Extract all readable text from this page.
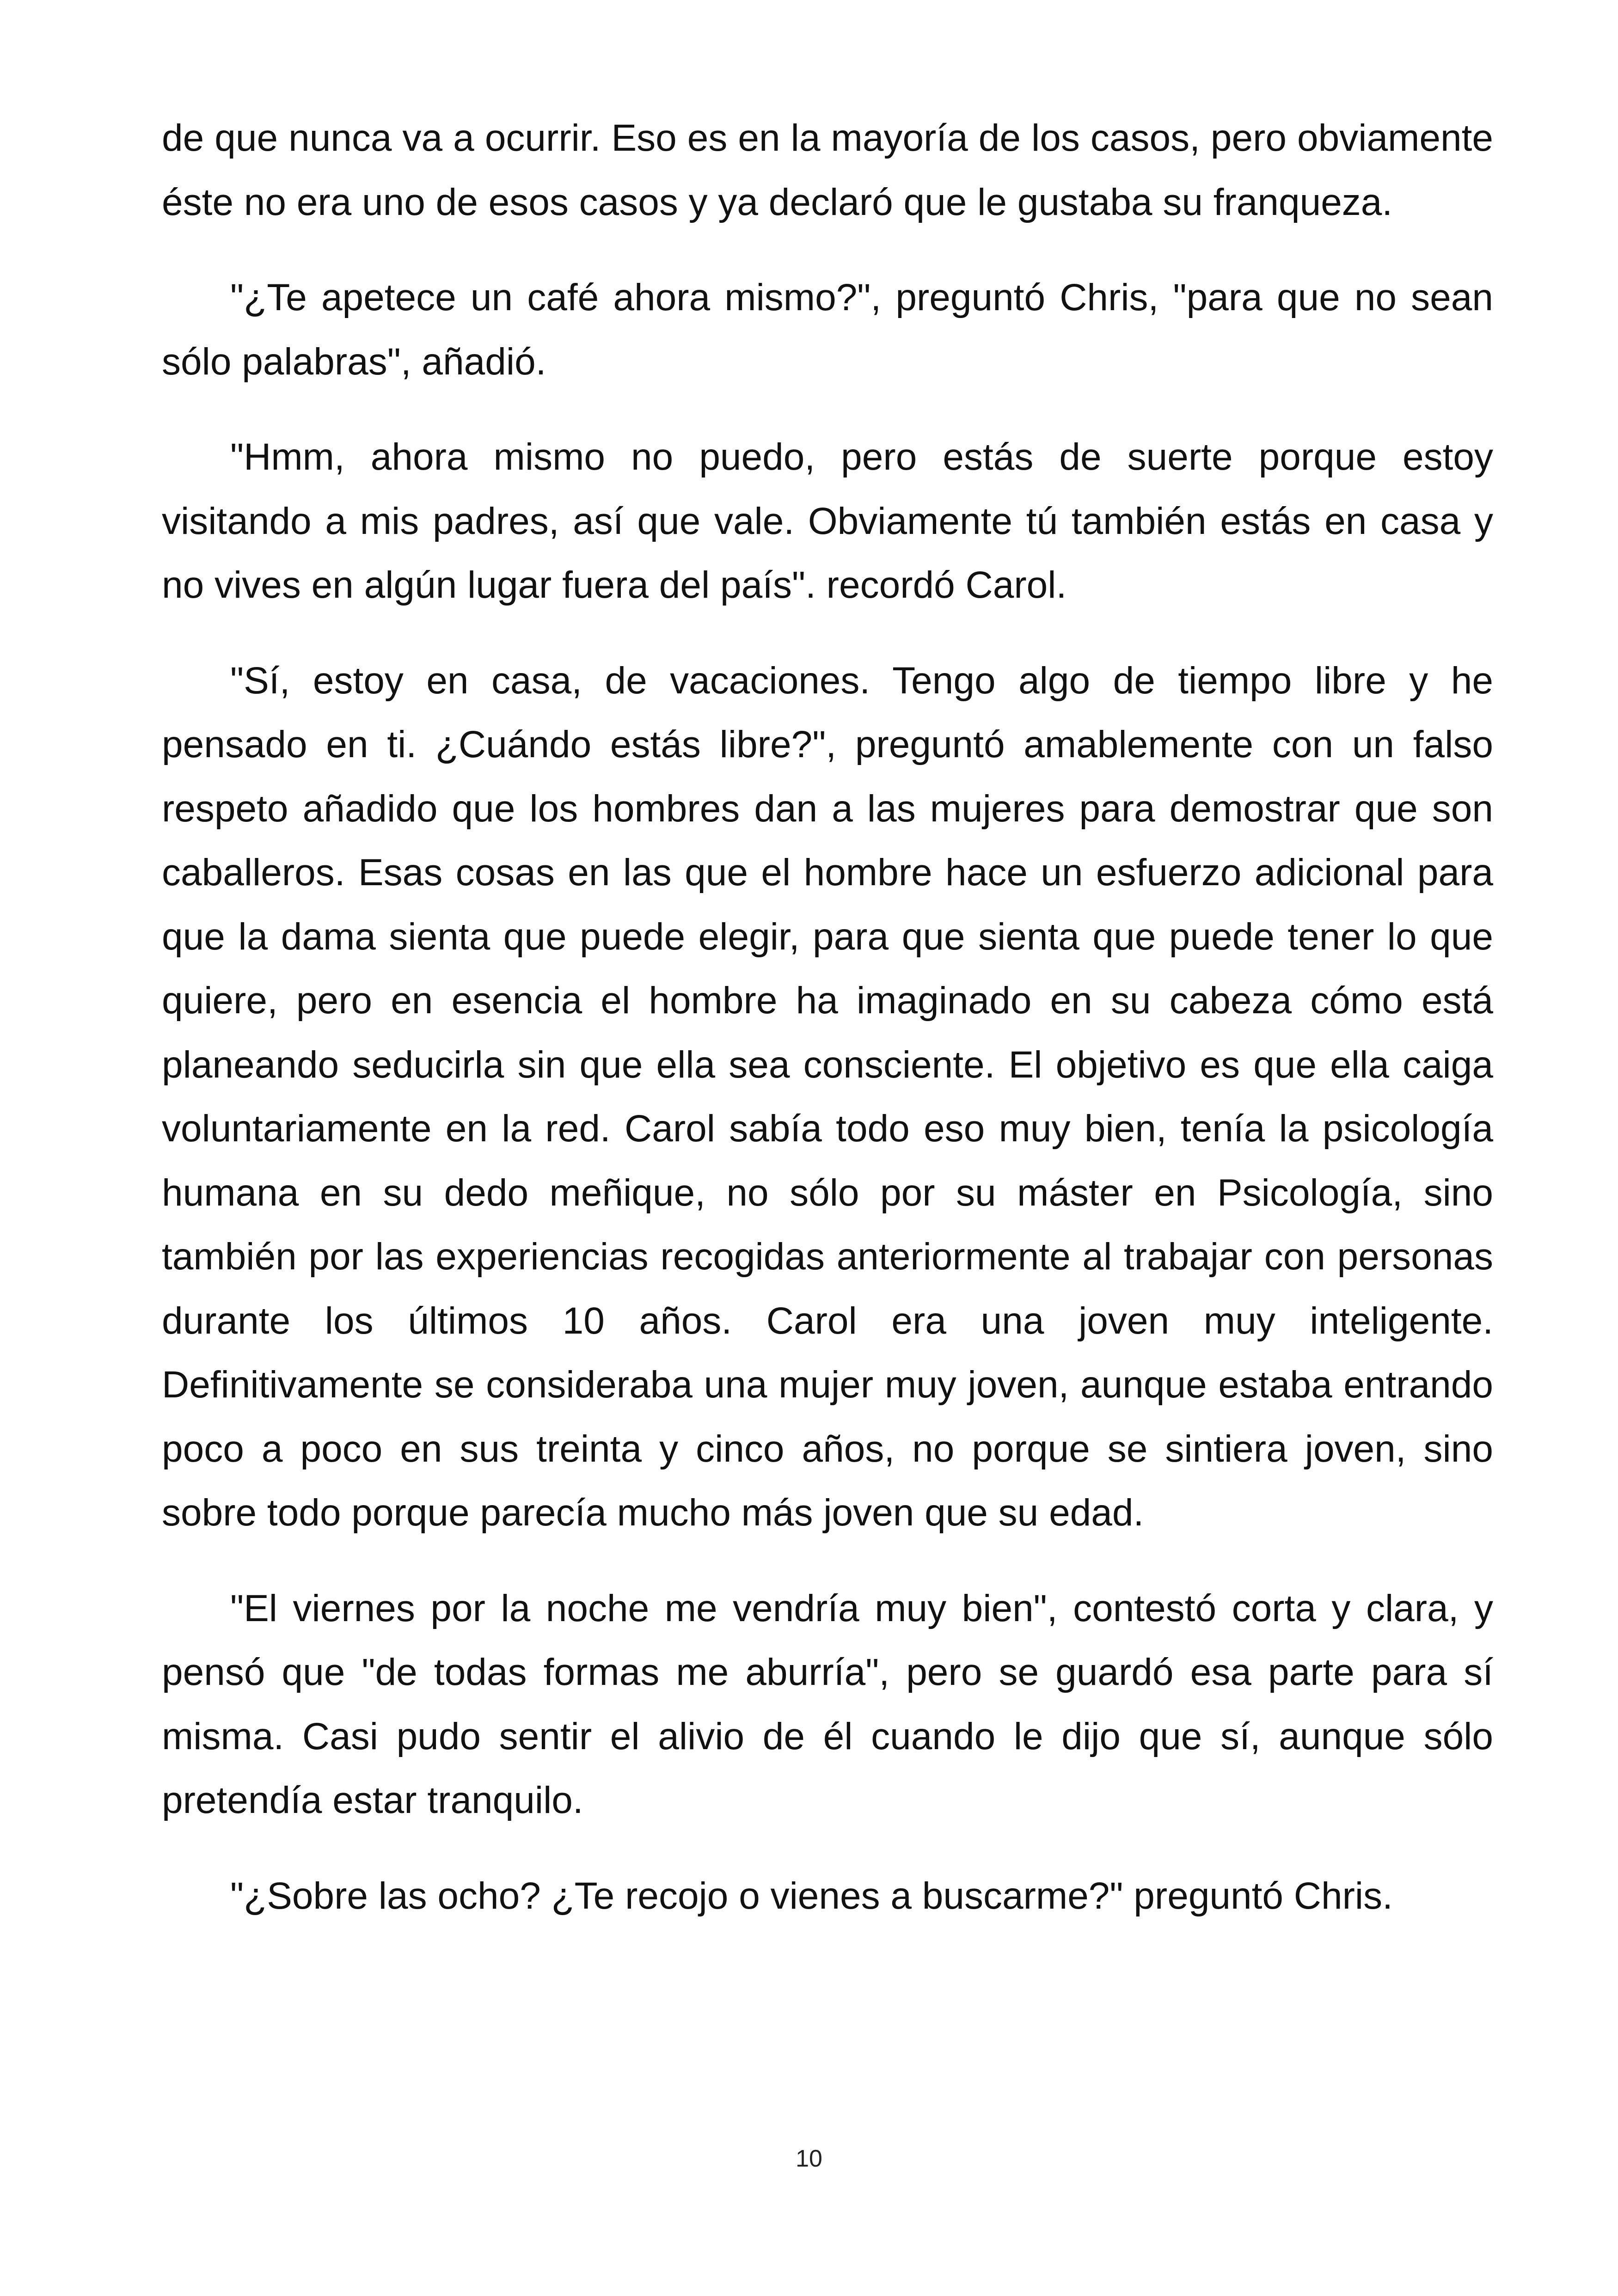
de que nunca va a ocurrir. Eso es en la mayoría de los casos, pero obviamente éste no era uno de esos casos y ya declaró que le gustaba su franqueza.

"¿Te apetece un café ahora mismo?", preguntó Chris, "para que no sean sólo palabras", añadió.

"Hmm, ahora mismo no puedo, pero estás de suerte porque estoy visitando a mis padres, así que vale. Obviamente tú también estás en casa y no vives en algún lugar fuera del país". recordó Carol.

"Sí, estoy en casa, de vacaciones. Tengo algo de tiempo libre y he pensado en ti. ¿Cuándo estás libre?", preguntó amablemente con un falso respeto añadido que los hombres dan a las mujeres para demostrar que son caballeros. Esas cosas en las que el hombre hace un esfuerzo adicional para que la dama sienta que puede elegir, para que sienta que puede tener lo que quiere, pero en esencia el hombre ha imaginado en su cabeza cómo está planeando seducirla sin que ella sea consciente. El objetivo es que ella caiga voluntariamente en la red. Carol sabía todo eso muy bien, tenía la psicología humana en su dedo meñique, no sólo por su máster en Psicología, sino también por las experiencias recogidas anteriormente al trabajar con personas durante los últimos 10 años. Carol era una joven muy inteligente. Definitivamente se consideraba una mujer muy joven, aunque estaba entrando poco a poco en sus treinta y cinco años, no porque se sintiera joven, sino sobre todo porque parecía mucho más joven que su edad.

"El viernes por la noche me vendría muy bien", contestó corta y clara, y pensó que "de todas formas me aburría", pero se guardó esa parte para sí misma. Casi pudo sentir el alivio de él cuando le dijo que sí, aunque sólo pretendía estar tranquilo.

"¿Sobre las ocho? ¿Te recojo o vienes a buscarme?" preguntó Chris.

10
